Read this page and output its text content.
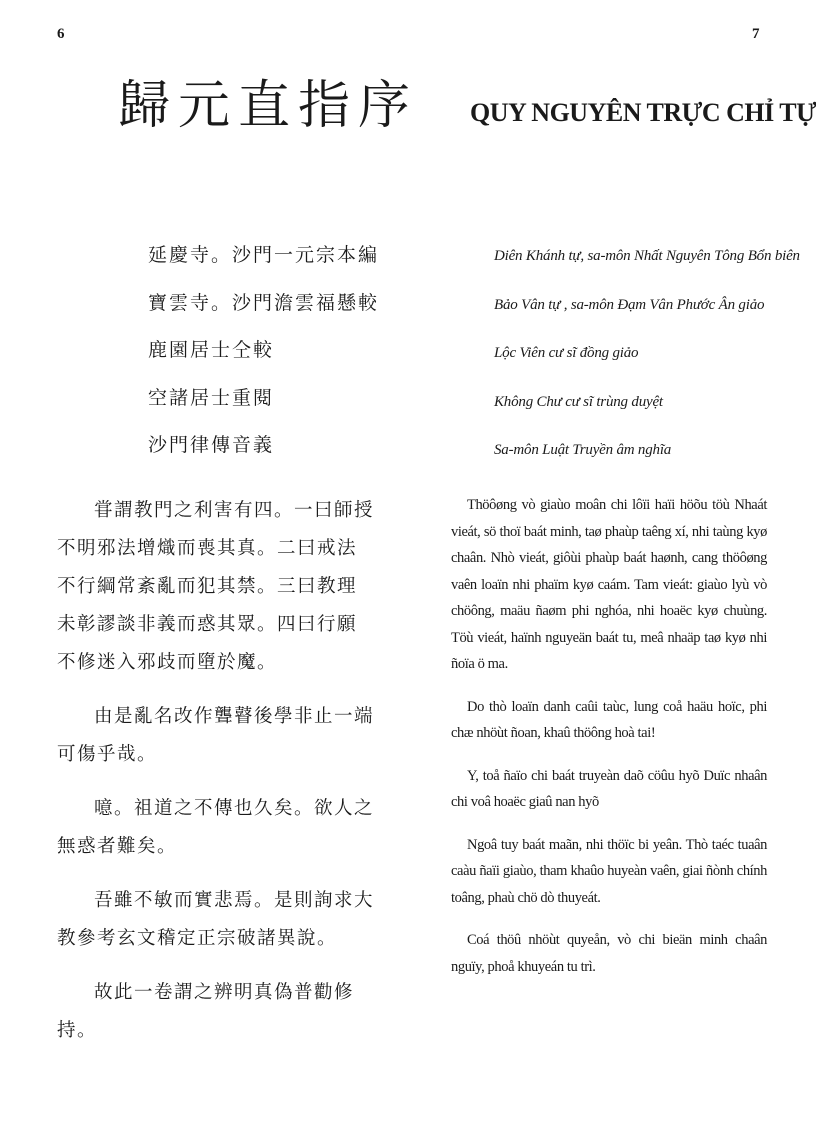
6	7
歸元直指序 QUY NGUYÊN TRỰC CHỈ TỰ
延慶寺。沙門一元宗本編
寶雲寺。沙門澹雲福懸較
鹿園居士仝較
空諸居士重閱
沙門律傳音義
Diên Khánh tự, sa-môn Nhất Nguyên Tông Bổn biên
Bảo Vân tự , sa-môn Đạm Vân Phước Ân giảo
Lộc Viên cư sĩ đồng giảo
Không Chư cư sĩ trùng duyệt
Sa-môn Luật Truyền âm nghĩa

甞謂教門之利害有四。一曰師授不明邪法增熾而喪其真。二曰戒法不行綱常紊亂而犯其禁。三曰教理未彰謬談非義而惑其眾。四曰行願不修迷入邪歧而墮於魔。

由是亂名改作聾瞽後學非止一端可傷乎哉。

噫。祖道之不傳也久矣。欲人之無惑者難矣。

吾雖不敏而實悲焉。是則詢求大教參考玄文稽定正宗破諸異說。

故此一卷謂之辨明真偽普勸修持。

Thöôøng vò giaùo moân chi lôïi haïi höõu töù Nhaát vieát, sö thoï baát minh, taø phaùp taêng xí, nhi taùng kyø chaân. Nhò vieát, giôùi phaùp baát haønh, cang thöôøng vaên loaïn nhi phaïm kyø caám. Tam vieát: giaùo lyù vò chöông, maäu ñaøm phi nghóa, nhi hoaëc kyø chuùng. Töù vieát, haïnh nguyeän baát tu, meâ nhaäp taø kyø nhi ñoïa ö ma.

Do thò loaïn danh caûi taùc, lung coå haäu hoïc, phi chæ nhöùt ñoan, khaû thöông hoà tai!

Y, toå ñaïo chi baát truyeàn daõ cöûu hyõ Duïc nhaân chi voâ hoaëc giaû nan hyõ

Ngoâ tuy baát maãn, nhi thöïc bi yeân. Thò taéc tuaân caàu ñaïi giaùo, tham khaûo huyeàn vaên, giai ñònh chính toâng, phaù chö dò thuyeát.

Coá thöû nhöùt quyeån, vò chi bieän minh chaân nguïy, phoå khuyeán tu trì.
